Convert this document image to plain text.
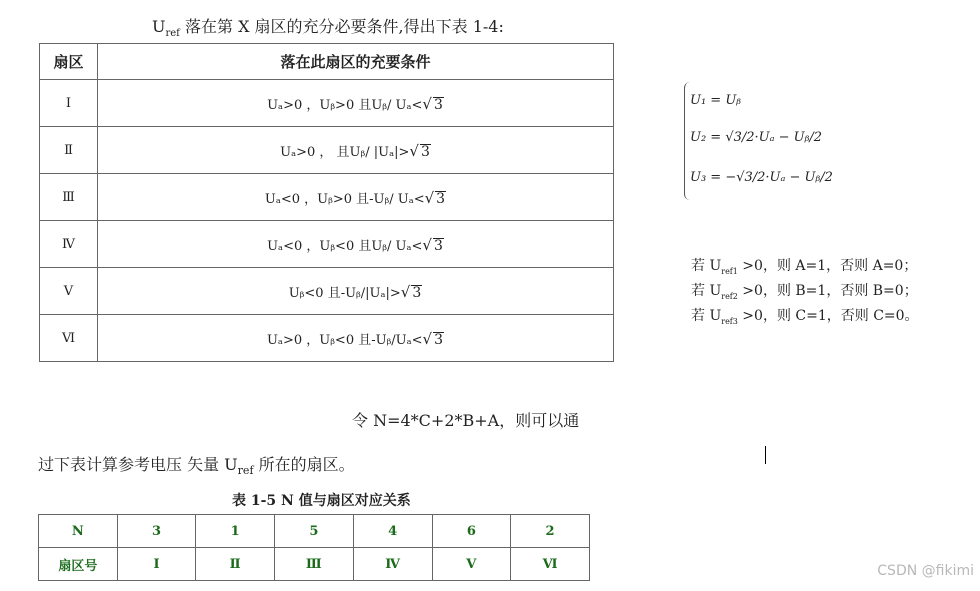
$U_{ref}$ 落在第 X 扇区的充分必要条件,得出下表 1-4:
扇区	落在此扇区的充要条件
Ⅰ	Uₐ>0 ，Uᵦ>0 且Uᵦ/ Uₐ<√ 3
Ⅱ	Uₐ>0 ， 且Uᵦ/ |Uₐ|>√ 3
Ⅲ	Uₐ<0 ，Uᵦ>0 且-Uᵦ/ Uₐ<√ 3
Ⅳ	Uₐ<0 ，Uᵦ<0 且Uᵦ/ Uₐ<√ 3
Ⅴ	Uᵦ<0 且-Uᵦ/|Uₐ|>√ 3
Ⅵ	Uₐ>0 ，Uᵦ<0 且-Uᵦ/Uₐ<√ 3
U₁ = Uᵦ
U₂ = √3/2·Uₐ − Uᵦ/2
U₃ = −√3/2·Uₐ − Uᵦ/2
若 $U_{ref1} >0$，则 A=1，否则 A=0；
若 $U_{ref2} >0$，则 B=1，否则 B=0；
若 $U_{ref3} >0$，则 C=1，否则 C=0。
令 N=4*C+2*B+A，则可以通
过下表计算参考电压 矢量 $U_{ref}$ 所在的扇区。
表 1-5 N 值与扇区对应关系
N	3	1	5	4	6	2
扇区号	Ⅰ	Ⅱ	Ⅲ	Ⅳ	Ⅴ	Ⅵ	CSDN @fikimi
